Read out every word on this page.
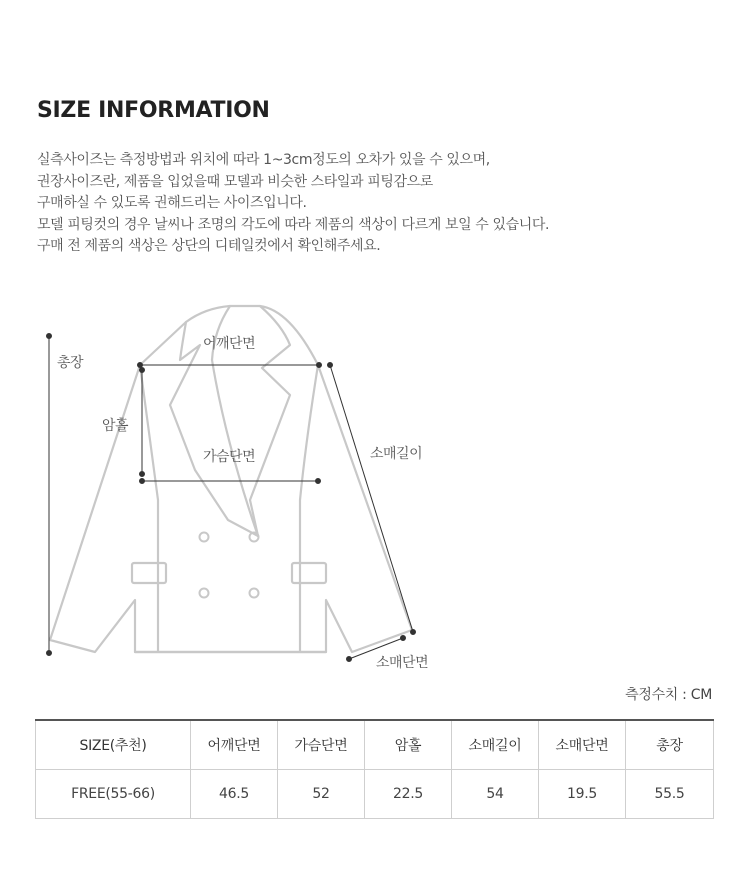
SIZE INFORMATION
실측사이즈는 측정방법과 위치에 따라 1~3cm정도의 오차가 있을 수 있으며,
권장사이즈란, 제품을 입었을때 모델과 비슷한 스타일과 피팅감으로
구매하실 수 있도록 권해드리는 사이즈입니다.
모델 피팅컷의 경우 날씨나 조명의 각도에 따라 제품의 색상이 다르게 보일 수 있습니다.
구매 전 제품의 색상은 상단의 디테일컷에서 확인해주세요.
총장
어깨단면
암홀
가슴단면	소매길이
소매단면
측정수치 : CM
SIZE(추천)	어깨단면	가슴단면	암홀	소매길이	소매단면	총장
FREE(55-66)	46.5	52	22.5	54	19.5	55.5
